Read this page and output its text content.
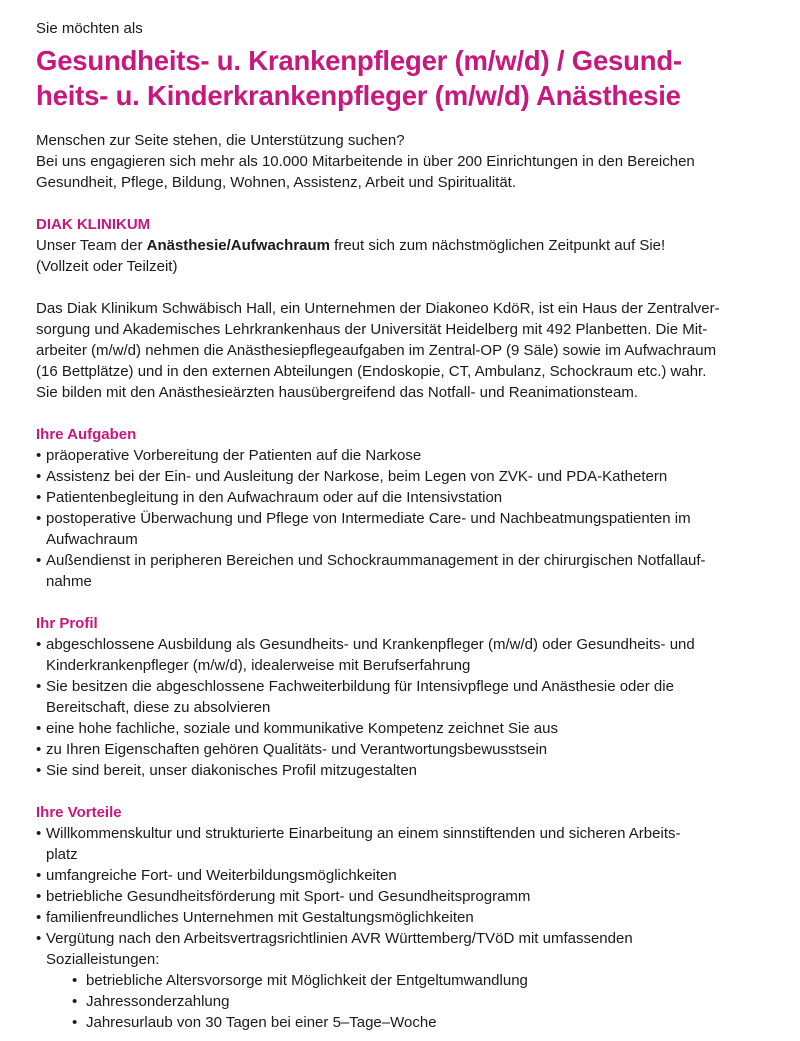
Sie möchten als
Gesundheits- u. Krankenpfleger (m/w/d) / Gesund-
heits- u. Kinderkrankenpfleger (m/w/d) Anästhesie
Menschen zur Seite stehen, die Unterstützung suchen?
Bei uns engagieren sich mehr als 10.000 Mitarbeitende in über 200 Einrichtungen in den Bereichen
Gesundheit, Pflege, Bildung, Wohnen, Assistenz, Arbeit und Spiritualität.
DIAK KLINIKUM
Unser Team der Anästhesie/Aufwachraum freut sich zum nächstmöglichen Zeitpunkt auf Sie!
(Vollzeit oder Teilzeit)
Das Diak Klinikum Schwäbisch Hall, ein Unternehmen der Diakoneo KdöR, ist ein Haus der Zentralver-
sorgung und Akademisches Lehrkrankenhaus der Universität Heidelberg mit 492 Planbetten. Die Mit-
arbeiter (m/w/d) nehmen die Anästhesiepflegeaufgaben im Zentral-OP (9 Säle) sowie im Aufwachraum
(16 Bettplätze) und in den externen Abteilungen (Endoskopie, CT, Ambulanz, Schockraum etc.) wahr.
Sie bilden mit den Anästhesieärzten hausübergreifend das Notfall- und Reanimationsteam.
Ihre Aufgaben
• präoperative Vorbereitung der Patienten auf die Narkose
• Assistenz bei der Ein- und Ausleitung der Narkose, beim Legen von ZVK- und PDA-Kathetern
• Patientenbegleitung in den Aufwachraum oder auf die Intensivstation
• postoperative Überwachung und Pflege von Intermediate Care- und Nachbeatmungspatienten im
Aufwachraum
• Außendienst in peripheren Bereichen und Schockraummanagement in der chirurgischen Notfallauf-
nahme
Ihr Profil
• abgeschlossene Ausbildung als Gesundheits- und Krankenpfleger (m/w/d) oder Gesundheits- und
Kinderkrankenpfleger (m/w/d), idealerweise mit Berufserfahrung
• Sie besitzen die abgeschlossene Fachweiterbildung für Intensivpflege und Anästhesie oder die
Bereitschaft, diese zu absolvieren
• eine hohe fachliche, soziale und kommunikative Kompetenz zeichnet Sie aus
• zu Ihren Eigenschaften gehören Qualitäts- und Verantwortungsbewusstsein
• Sie sind bereit, unser diakonisches Profil mitzugestalten
Ihre Vorteile
• Willkommenskultur und strukturierte Einarbeitung an einem sinnstiftenden und sicheren Arbeits-
platz
• umfangreiche Fort- und Weiterbildungsmöglichkeiten
• betriebliche Gesundheitsförderung mit Sport- und Gesundheitsprogramm
• familienfreundliches Unternehmen mit Gestaltungsmöglichkeiten
• Vergütung nach den Arbeitsvertragsrichtlinien AVR Württemberg/TVöD mit umfassenden
Sozialleistungen:
• betriebliche Altersvorsorge mit Möglichkeit der Entgeltumwandlung
• Jahressonderzahlung
• Jahresurlaub von 30 Tagen bei einer 5–Tage–Woche
